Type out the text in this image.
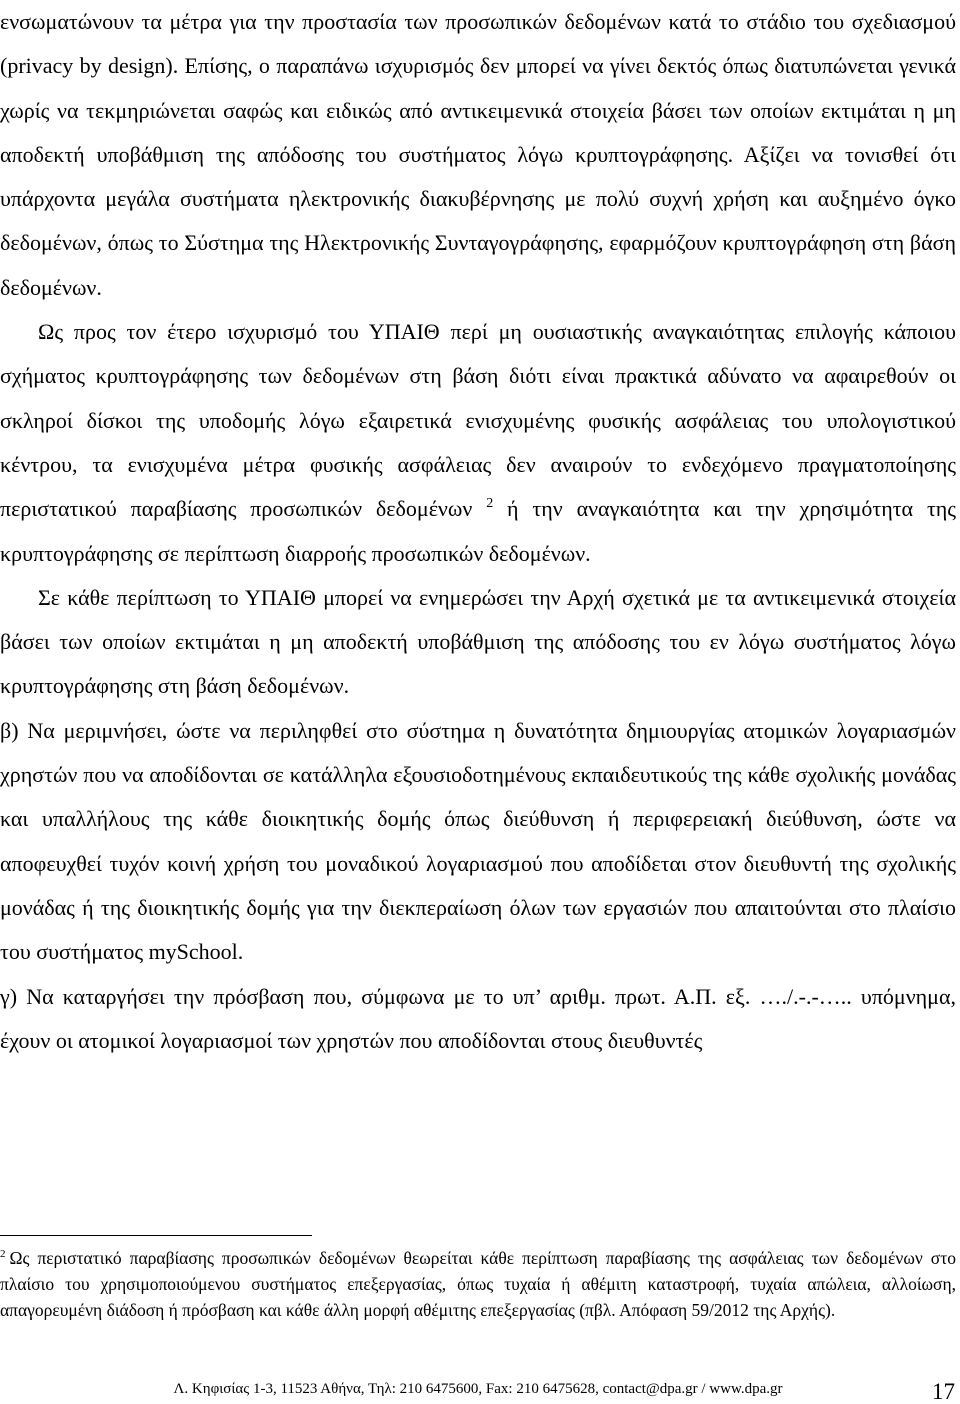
ενσωματώνουν τα μέτρα για την προστασία των προσωπικών δεδομένων κατά το στάδιο του σχεδιασμού (privacy by design). Επίσης, ο παραπάνω ισχυρισμός δεν μπορεί να γίνει δεκτός όπως διατυπώνεται γενικά χωρίς να τεκμηριώνεται σαφώς και ειδικώς από αντικειμενικά στοιχεία βάσει των οποίων εκτιμάται η μη αποδεκτή υποβάθμιση της απόδοσης του συστήματος λόγω κρυπτογράφησης. Αξίζει να τονισθεί ότι υπάρχοντα μεγάλα συστήματα ηλεκτρονικής διακυβέρνησης με πολύ συχνή χρήση και αυξημένο όγκο δεδομένων, όπως το Σύστημα της Ηλεκτρονικής Συνταγογράφησης, εφαρμόζουν κρυπτογράφηση στη βάση δεδομένων.

Ως προς τον έτερο ισχυρισμό του ΥΠΑΙΘ περί μη ουσιαστικής αναγκαιότητας επιλογής κάποιου σχήματος κρυπτογράφησης των δεδομένων στη βάση διότι είναι πρακτικά αδύνατο να αφαιρεθούν οι σκληροί δίσκοι της υποδομής λόγω εξαιρετικά ενισχυμένης φυσικής ασφάλειας του υπολογιστικού κέντρου, τα ενισχυμένα μέτρα φυσικής ασφάλειας δεν αναιρούν το ενδεχόμενο πραγματοποίησης περιστατικού παραβίασης προσωπικών δεδομένων $^2$ ή την αναγκαιότητα και την χρησιμότητα της κρυπτογράφησης σε περίπτωση διαρροής προσωπικών δεδομένων.

Σε κάθε περίπτωση το ΥΠΑΙΘ μπορεί να ενημερώσει την Αρχή σχετικά με τα αντικειμενικά στοιχεία βάσει των οποίων εκτιμάται η μη αποδεκτή υποβάθμιση της απόδοσης του εν λόγω συστήματος λόγω κρυπτογράφησης στη βάση δεδομένων.

β) Να μεριμνήσει, ώστε να περιληφθεί στο σύστημα η δυνατότητα δημιουργίας ατομικών λογαριασμών χρηστών που να αποδίδονται σε κατάλληλα εξουσιοδοτημένους εκπαιδευτικούς της κάθε σχολικής μονάδας και υπαλλήλους της κάθε διοικητικής δομής όπως διεύθυνση ή περιφερειακή διεύθυνση, ώστε να αποφευχθεί τυχόν κοινή χρήση του μοναδικού λογαριασμού που αποδίδεται στον διευθυντή της σχολικής μονάδας ή της διοικητικής δομής για την διεκπεραίωση όλων των εργασιών που απαιτούνται στο πλαίσιο του συστήματος mySchool.

γ) Να καταργήσει την πρόσβαση που, σύμφωνα με το υπ’ αριθμ. πρωτ. Α.Π. εξ. …./.-.-….. υπόμνημα, έχουν οι ατομικοί λογαριασμοί των χρηστών που αποδίδονται στους διευθυντές

$^2$ Ως περιστατικό παραβίασης προσωπικών δεδομένων θεωρείται κάθε περίπτωση παραβίασης της ασφάλειας των δεδομένων στο πλαίσιο του χρησιμοποιούμενου συστήματος επεξεργασίας, όπως τυχαία ή αθέμιτη καταστροφή, τυχαία απώλεια, αλλοίωση, απαγορευμένη διάδοση ή πρόσβαση και κάθε άλλη μορφή αθέμιτης επεξεργασίας (πβλ. Απόφαση 59/2012 της Αρχής).

Λ. Κηφισίας 1-3, 11523 Αθήνα, Τηλ: 210 6475600, Fax: 210 6475628, contact@dpa.gr / www.dpa.gr	17
